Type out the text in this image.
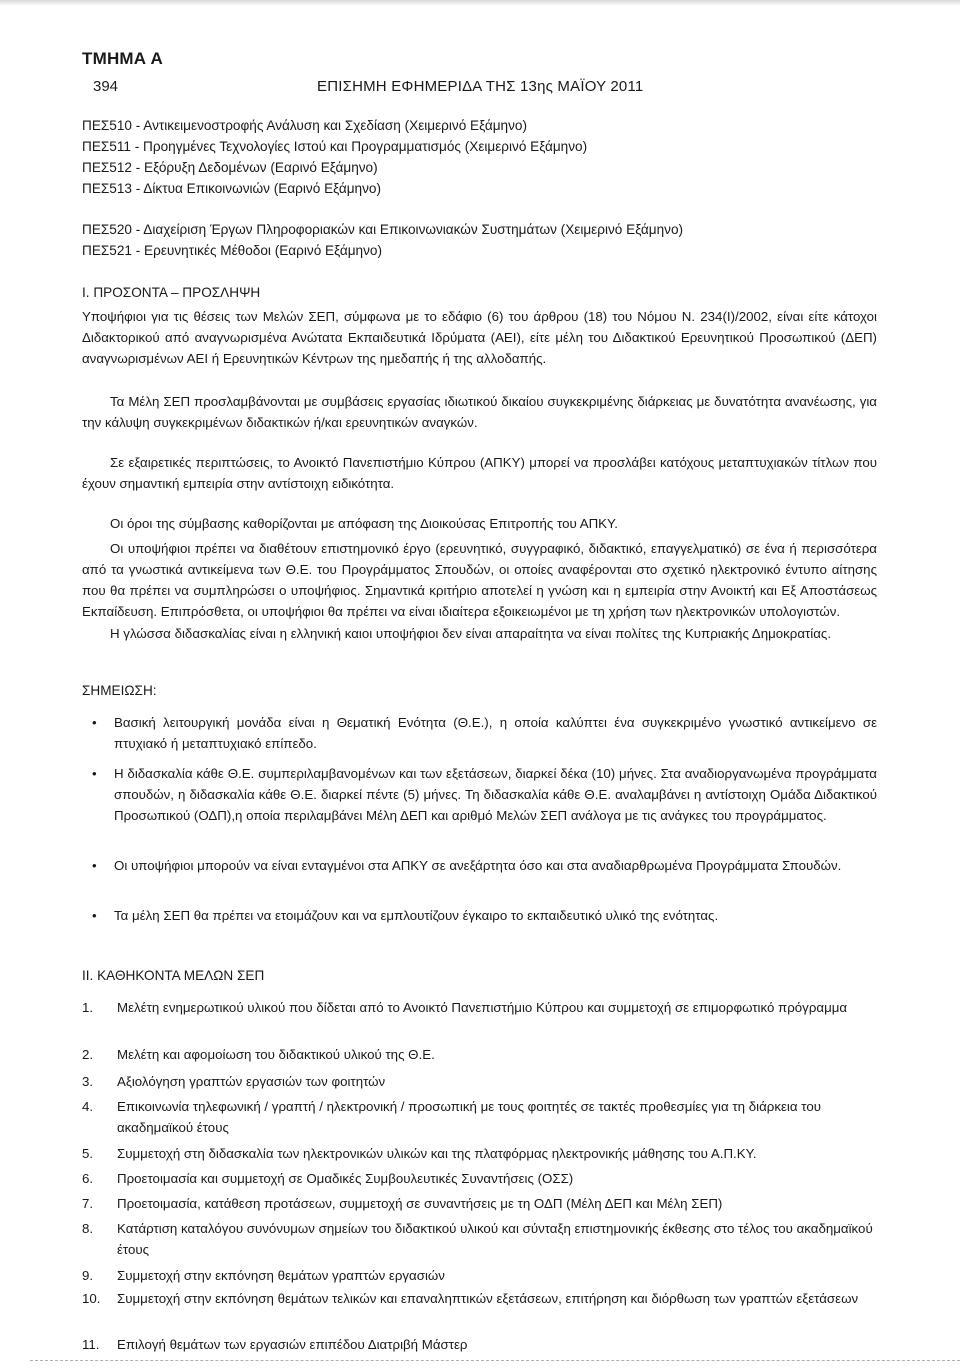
ΤΜΗΜΑ Α
394	ΕΠΙΣΗΜΗ ΕΦΗΜΕΡΙΔΑ ΤΗΣ 13ης ΜΑΪΟΥ 2011
ΠΕΣ510 - Αντικειμενοστροφής Ανάλυση και Σχεδίαση (Χειμερινό Εξάμηνο)
ΠΕΣ511 - Προηγμένες Τεχνολογίες Ιστού και Προγραμματισμός (Χειμερινό Εξάμηνο)
ΠΕΣ512 - Εξόρυξη Δεδομένων (Εαρινό Εξάμηνο)
ΠΕΣ513 - Δίκτυα Επικοινωνιών (Εαρινό Εξάμηνο)
ΠΕΣ520 - Διαχείριση Έργων Πληροφοριακών και Επικοινωνιακών Συστημάτων (Χειμερινό Εξάμηνο)
ΠΕΣ521 - Ερευνητικές Μέθοδοι (Εαρινό Εξάμηνο)
Ι. ΠΡΟΣΟΝΤΑ – ΠΡΟΣΛΗΨΗ

Υποψήφιοι για τις θέσεις των Μελών ΣΕΠ, σύμφωνα με το εδάφιο (6) του άρθρου (18) του Νόμου Ν. 234(Ι)/2002, είναι είτε κάτοχοι Διδακτορικού από αναγνωρισμένα Ανώτατα Εκπαιδευτικά Ιδρύματα (ΑΕΙ), είτε μέλη του Διδακτικού Ερευνητικού Προσωπικού (ΔΕΠ) αναγνωρισμένων ΑΕΙ ή Ερευνητικών Κέντρων της ημεδαπής ή της αλλοδαπής.

Τα Μέλη ΣΕΠ προσλαμβάνονται με συμβάσεις εργασίας ιδιωτικού δικαίου συγκεκριμένης διάρκειας με δυνατότητα ανανέωσης, για την κάλυψη συγκεκριμένων διδακτικών ή/και ερευνητικών αναγκών.

Σε εξαιρετικές περιπτώσεις, το Ανοικτό Πανεπιστήμιο Κύπρου (ΑΠΚΥ) μπορεί να προσλάβει κατόχους μεταπτυχιακών τίτλων που έχουν σημαντική εμπειρία στην αντίστοιχη ειδικότητα.

Οι όροι της σύμβασης καθορίζονται με απόφαση της Διοικούσας Επιτροπής του ΑΠΚΥ.

Οι υποψήφιοι πρέπει να διαθέτουν επιστημονικό έργο (ερευνητικό, συγγραφικό, διδακτικό, επαγγελματικό) σε ένα ή περισσότερα από τα γνωστικά αντικείμενα των Θ.Ε. του Προγράμματος Σπουδών, οι οποίες αναφέρονται στο σχετικό ηλεκτρονικό έντυπο αίτησης που θα πρέπει να συμπληρώσει ο υποψήφιος. Σημαντικά κριτήριο αποτελεί η γνώση και η εμπειρία στην Ανοικτή και Εξ Αποστάσεως Εκπαίδευση. Επιπρόσθετα, οι υποψήφιοι θα πρέπει να είναι ιδιαίτερα εξοικειωμένοι με τη χρήση των ηλεκτρονικών υπολογιστών.

Η γλώσσα διδασκαλίας είναι η ελληνική καιοι υποψήφιοι δεν είναι απαραίτητα να είναι πολίτες της Κυπριακής Δημοκρατίας.

ΣΗΜΕΙΩΣΗ:
•	Βασική λειτουργική μονάδα είναι η Θεματική Ενότητα (Θ.Ε.), η οποία καλύπτει ένα συγκεκριμένο γνωστικό αντικείμενο σε πτυχιακό ή μεταπτυχιακό επίπεδο.
•	Η διδασκαλία κάθε Θ.Ε. συμπεριλαμβανομένων και των εξετάσεων, διαρκεί δέκα (10) μήνες. Στα αναδιοργανωμένα προγράμματα σπουδών, η διδασκαλία κάθε Θ.Ε. διαρκεί πέντε (5) μήνες. Τη διδασκαλία κάθε Θ.Ε. αναλαμβάνει η αντίστοιχη Ομάδα Διδακτικού Προσωπικού (ΟΔΠ),η οποία περιλαμβάνει Μέλη ΔΕΠ και αριθμό Μελών ΣΕΠ ανάλογα με τις ανάγκες του προγράμματος.
•	Οι υποψήφιοι μπορούν να είναι ενταγμένοι στα ΑΠΚΥ σε ανεξάρτητα όσο και στα αναδιαρθρωμένα Προγράμματα Σπουδών.
•	Τα μέλη ΣΕΠ θα πρέπει να ετοιμάζουν και να εμπλουτίζουν έγκαιρο το εκπαιδευτικό υλικό της ενότητας.
ΙΙ. ΚΑΘΗΚΟΝΤΑ ΜΕΛΩΝ ΣΕΠ
1. Μελέτη ενημερωτικού υλικού που δίδεται από το Ανοικτό Πανεπιστήμιο Κύπρου και συμμετοχή σε επιμορφωτικό πρόγραμμα
2. Μελέτη και αφομοίωση του διδακτικού υλικού της Θ.Ε.
3. Αξιολόγηση γραπτών εργασιών των φοιτητών
4. Επικοινωνία τηλεφωνική / γραπτή / ηλεκτρονική / προσωπική με τους φοιτητές σε τακτές προθεσμίες για τη διάρκεια του ακαδημαϊκού έτους
5. Συμμετοχή στη διδασκαλία των ηλεκτρονικών υλικών και της πλατφόρμας ηλεκτρονικής μάθησης του Α.Π.ΚΥ.
6. Προετοιμασία και συμμετοχή σε Ομαδικές Συμβουλευτικές Συναντήσεις (ΟΣΣ)
7. Προετοιμασία, κατάθεση προτάσεων, συμμετοχή σε συναντήσεις με τη ΟΔΠ (Μέλη ΔΕΠ και Μέλη ΣΕΠ)
8. Κατάρτιση καταλόγου συνόνυμων σημείων του διδακτικού υλικού και σύνταξη επιστημονικής έκθεσης στο τέλος του ακαδημαϊκού έτους
9. Συμμετοχή στην εκπόνηση θεμάτων γραπτών εργασιών
10. Συμμετοχή στην εκπόνηση θεμάτων τελικών και επαναληπτικών εξετάσεων, επιτήρηση και διόρθωση των γραπτών εξετάσεων
11. Επιλογή θεμάτων των εργασιών επιπέδου Διατριβή Μάστερ
